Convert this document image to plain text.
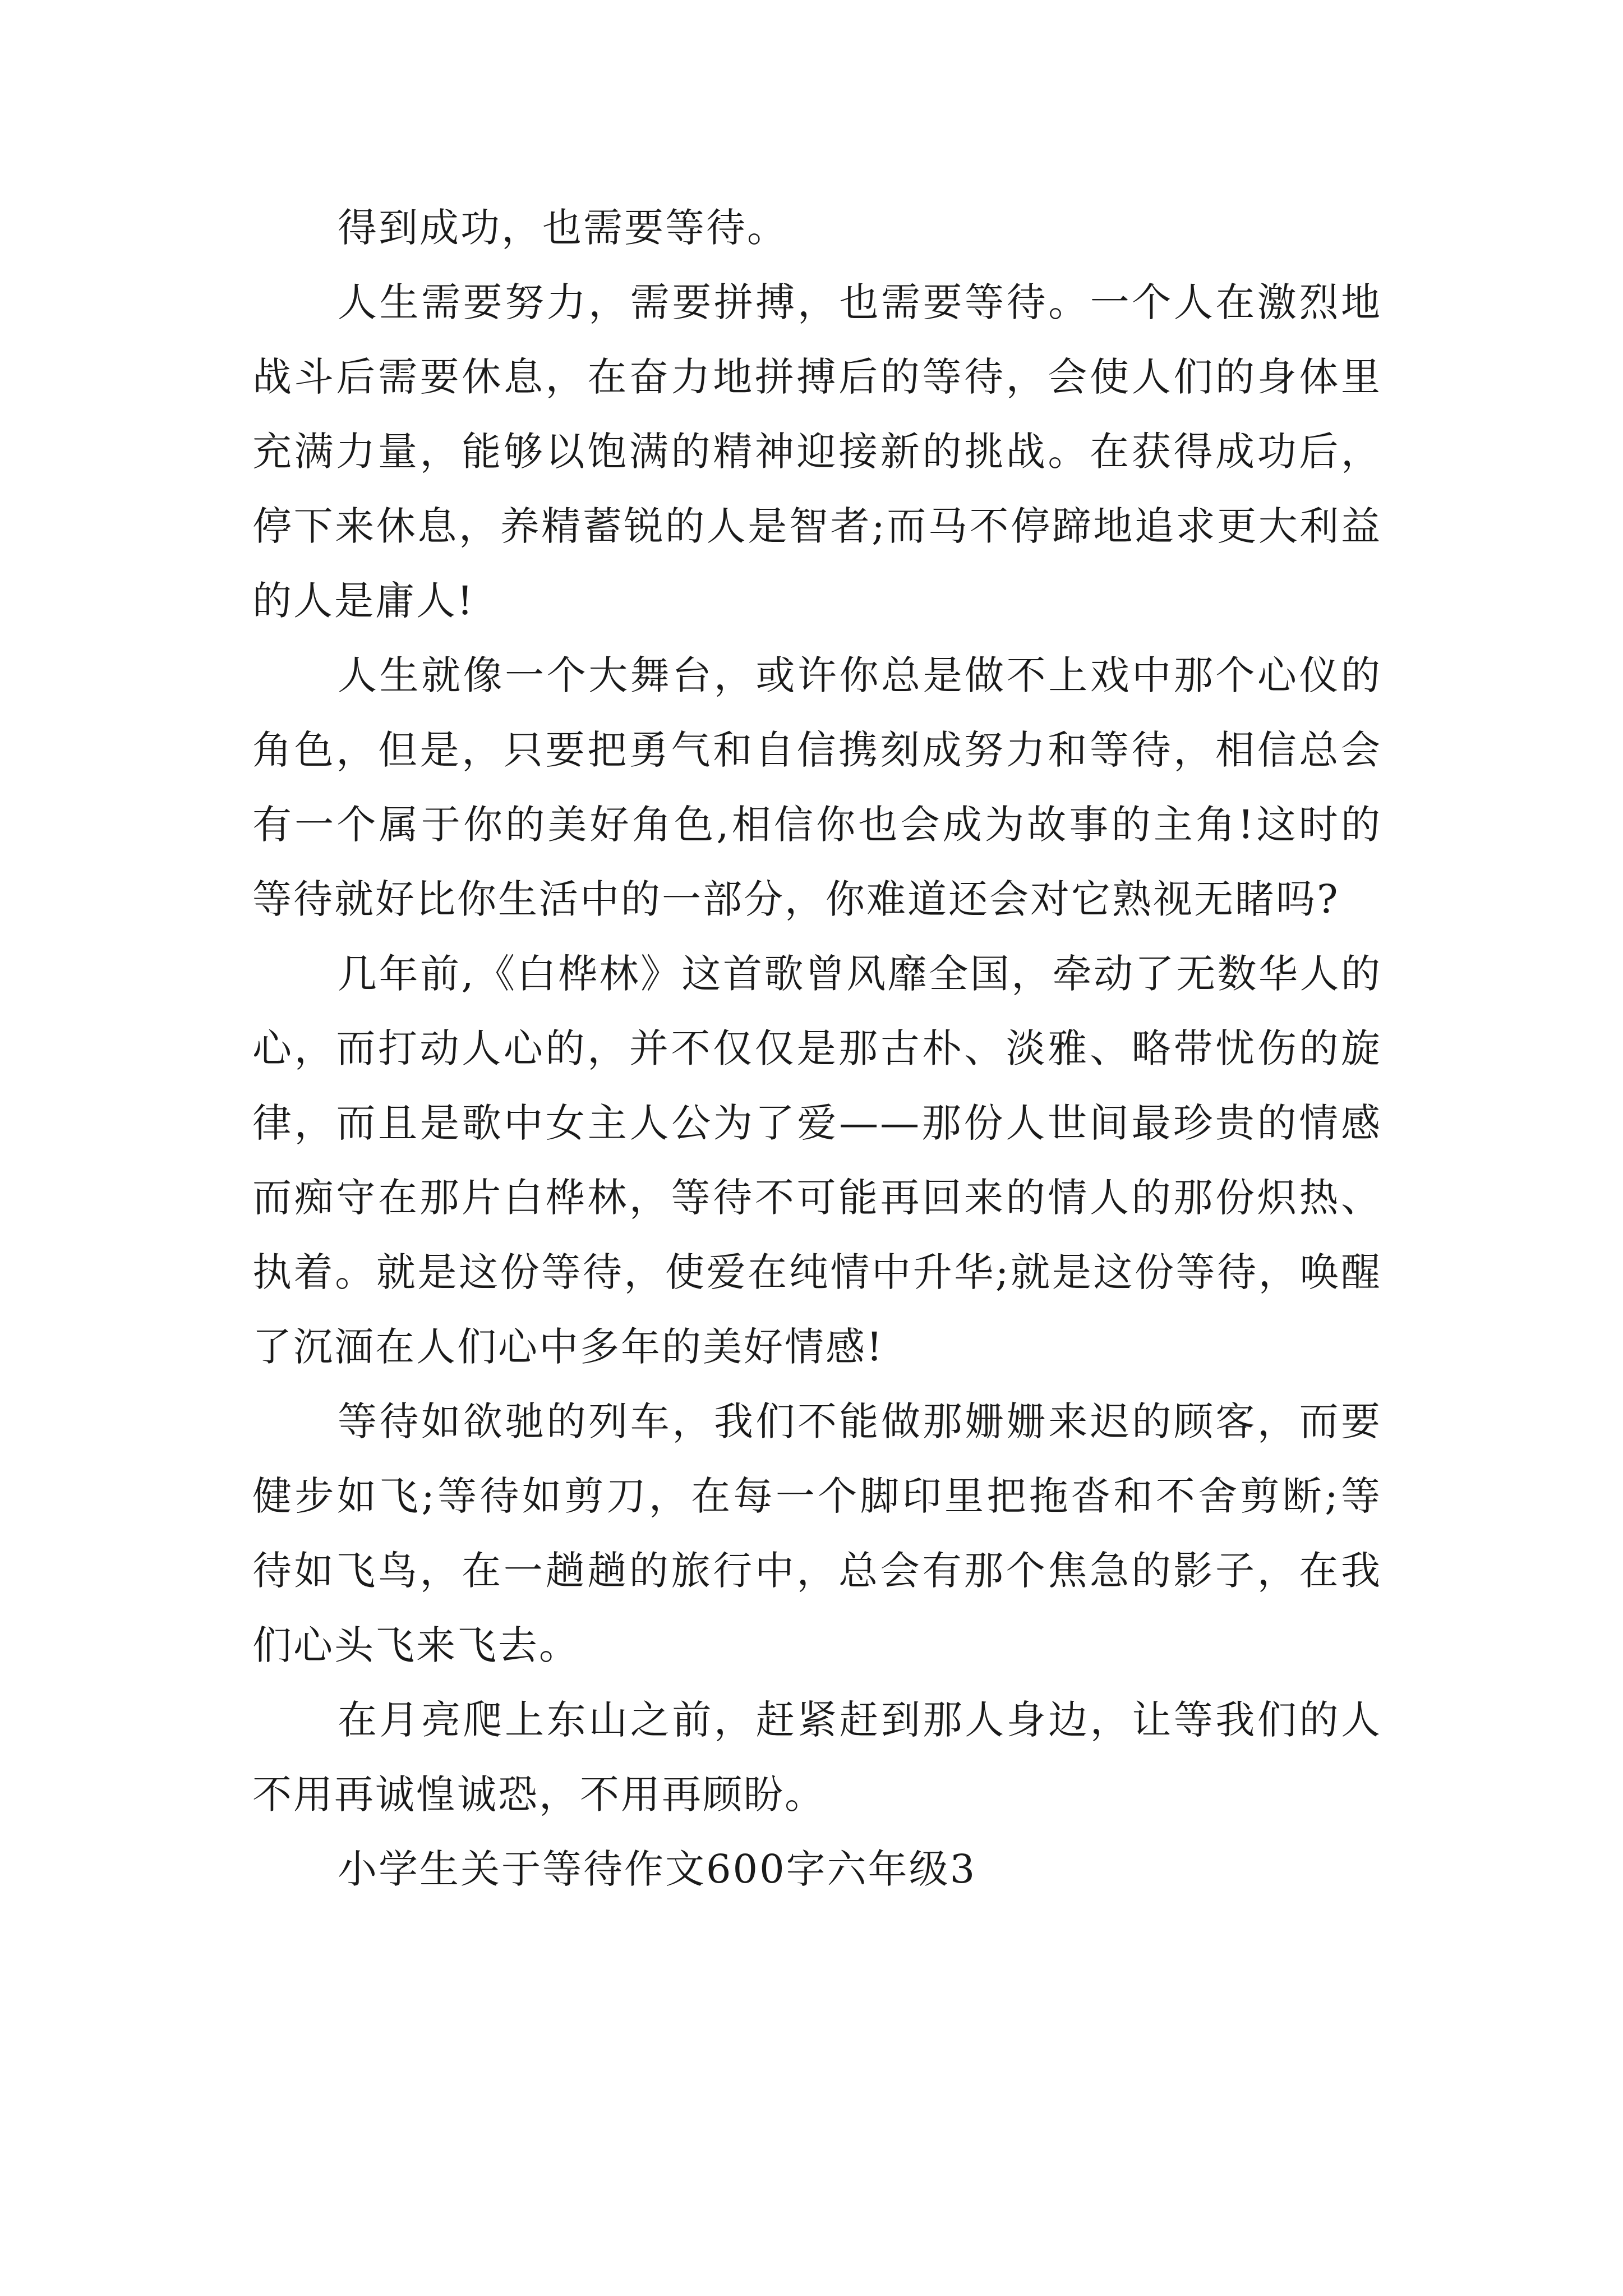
得到成功，也需要等待。

人生需要努力，需要拼搏，也需要等待。一个人在激烈地战斗后需要休息，在奋力地拼搏后的等待，会使人们的身体里充满力量，能够以饱满的精神迎接新的挑战。在获得成功后，停下来休息，养精蓄锐的人是智者;而马不停蹄地追求更大利益的人是庸人!

人生就像一个大舞台，或许你总是做不上戏中那个心仪的角色，但是，只要把勇气和自信携刻成努力和等待，相信总会有一个属于你的美好角色,相信你也会成为故事的主角!这时的等待就好比你生活中的一部分，你难道还会对它熟视无睹吗?

几年前,《白桦林》这首歌曾风靡全国，牵动了无数华人的心，而打动人心的，并不仅仅是那古朴、淡雅、略带忧伤的旋律，而且是歌中女主人公为了爱——那份人世间最珍贵的情感而痴守在那片白桦林，等待不可能再回来的情人的那份炽热、执着。就是这份等待，使爱在纯情中升华;就是这份等待，唤醒了沉湎在人们心中多年的美好情感!

等待如欲驰的列车，我们不能做那姗姗来迟的顾客，而要健步如飞;等待如剪刀，在每一个脚印里把拖沓和不舍剪断;等待如飞鸟，在一趟趟的旅行中，总会有那个焦急的影子，在我们心头飞来飞去。

在月亮爬上东山之前，赶紧赶到那人身边，让等我们的人不用再诚惶诚恐，不用再顾盼。

小学生关于等待作文600字六年级3
